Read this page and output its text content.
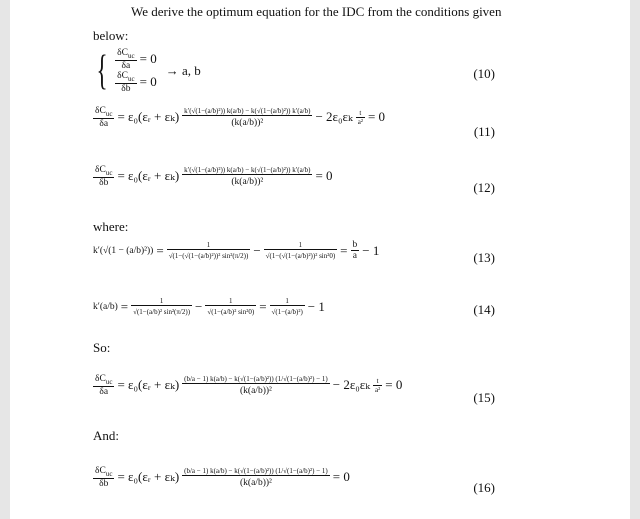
We derive the optimum equation for the IDC from the conditions given
below:
{ $\frac{\delta C_{uc}}{\delta a} = 0$
$\frac{\delta C_{uc}}{\delta b} = 0$
→ a, b	(10)
$\frac{\delta C_{uc}}{\delta a}$ = ε₀(εᵣ + $\varepsilon_k) \frac{\text{k′(√(1−(a/b)²)) k(a/b) − k(√(1−(a/b)²)) k′(a/b)}}{\text{(k(a/b))²}} - 2\varepsilon_0\varepsilon_k \frac{t}{\text{a²}} = 0$
(11)
$\frac{\delta C_{uc}}{\delta b}$ = ε₀(εᵣ + $\varepsilon_k) \frac{\text{k′(√(1−(a/b)²)) k(a/b) − k(√(1−(a/b)²)) k′(a/b)}}{\text{(k(a/b))²}} = 0$
(12)
where:
$k'(√(1 - (a/b)^2)) = \frac{1}{\text{√(1−(√(1−(a/b)²))² sin²(π/2))}} - \frac{1}{\text{√(1−(√(1−(a/b)²))² sin²0)}} = \frac{b}{a} - 1$	(13)
$k'(a/b) = \frac{1}{\text{√(1−(a/b)² sin²(π/2))}} - \frac{1}{\text{√(1−(a/b)² sin²0)}} = \frac{1}{\text{√(1−(a/b)²)}} - 1$	(14)
So:
$\frac{\delta C_{uc}}{\delta a}$ = ε₀(εᵣ + $\varepsilon_k) \frac{\text{(b/a − 1) k(a/b) − k(√(1−(a/b)²)) (1/√(1−(a/b)²) − 1)}}{\text{(k(a/b))²}} - 2\varepsilon_0\varepsilon_k \frac{t}{\text{a²}} = 0$
(15)
And:
$\frac{\delta C_{uc}}{\delta b}$ = ε₀(εᵣ + $\varepsilon_k) \frac{\text{(b/a − 1) k(a/b) − k(√(1−(a/b)²)) (1/√(1−(a/b)²) − 1)}}{\text{(k(a/b))²}} = 0$
(16)
